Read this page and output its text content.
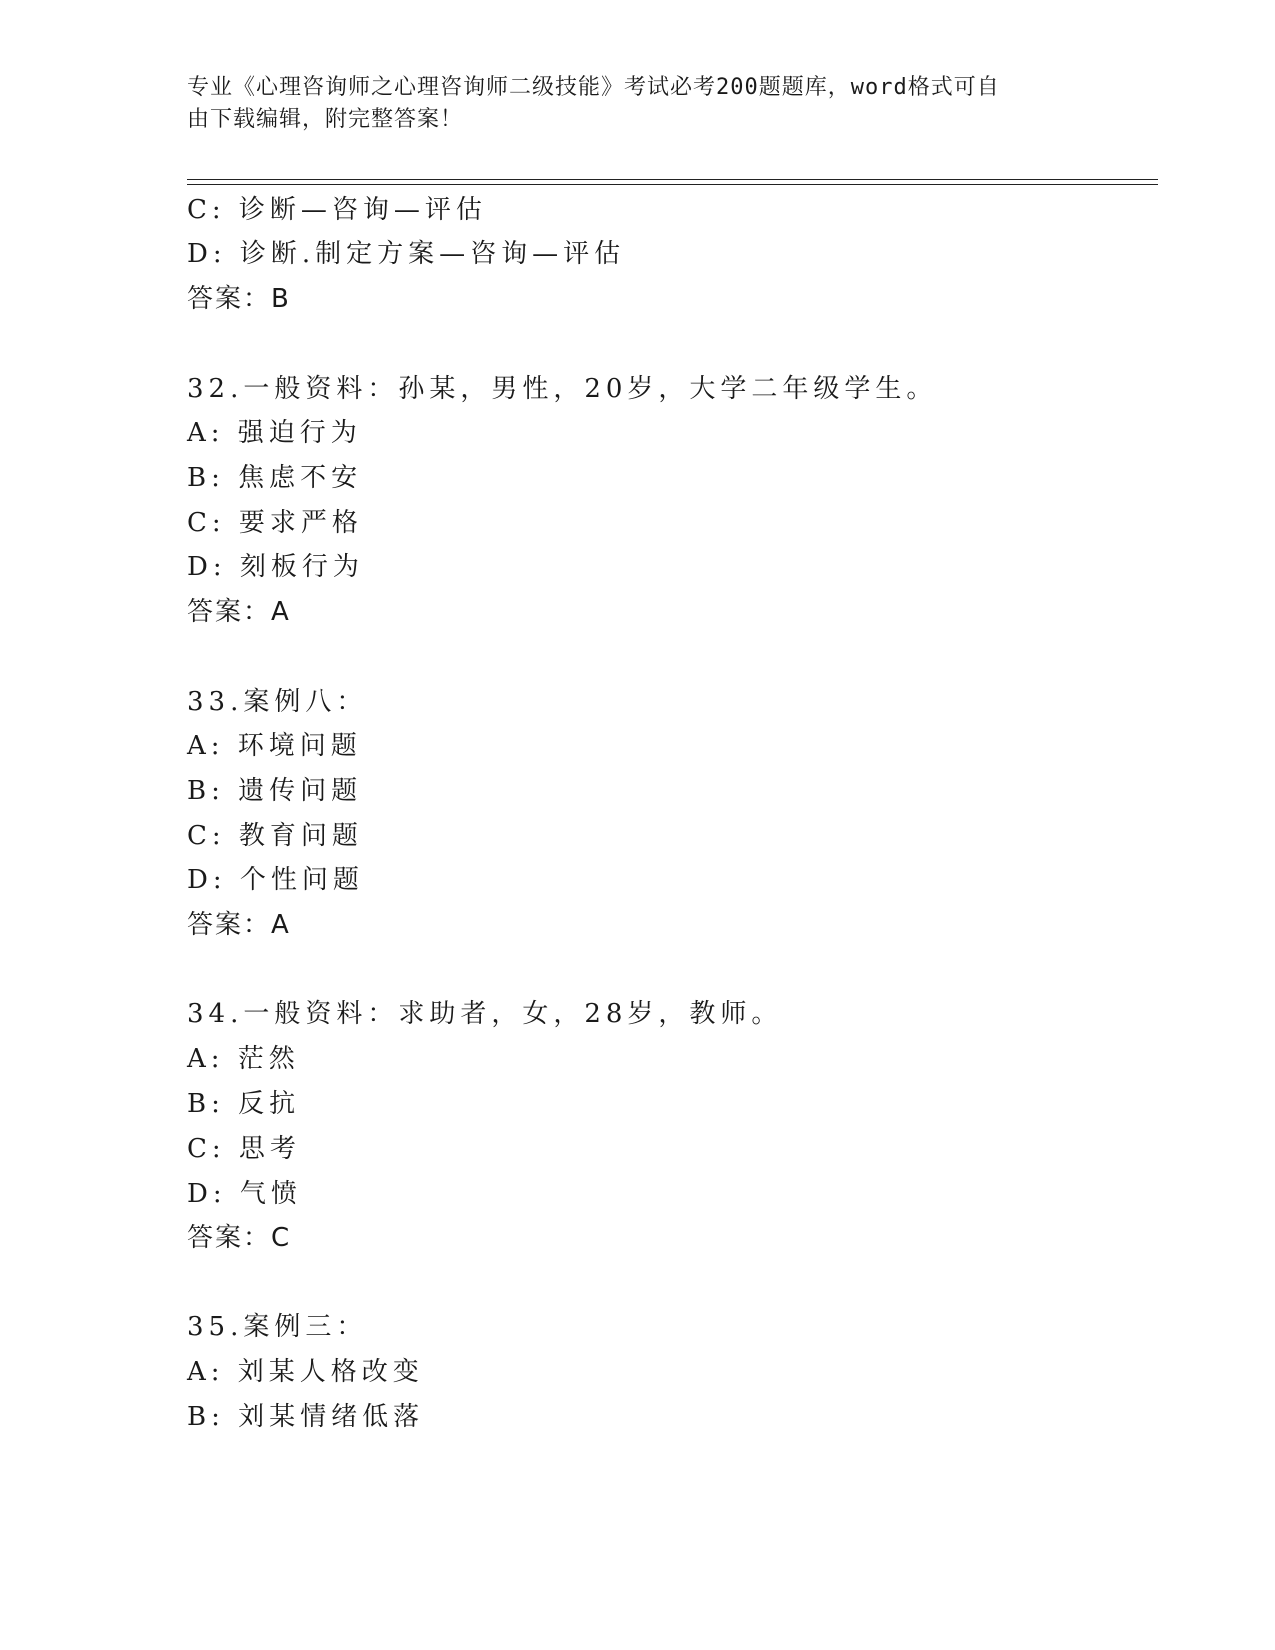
专业《心理咨询师之心理咨询师二级技能》考试必考200题题库，word格式可自
由下载编辑，附完整答案！
C: 诊断—咨询—评估
D: 诊断.制定方案—咨询—评估
答案：B
32.一般资料：孙某，男性，20岁，大学二年级学生。
A: 强迫行为
B: 焦虑不安
C: 要求严格
D: 刻板行为
答案：A
33.案例八：
A: 环境问题
B: 遗传问题
C: 教育问题
D: 个性问题
答案：A
34.一般资料：求助者，女，28岁，教师。
A: 茫然
B: 反抗
C: 思考
D: 气愤
答案：C
35.案例三：
A: 刘某人格改变
B: 刘某情绪低落
